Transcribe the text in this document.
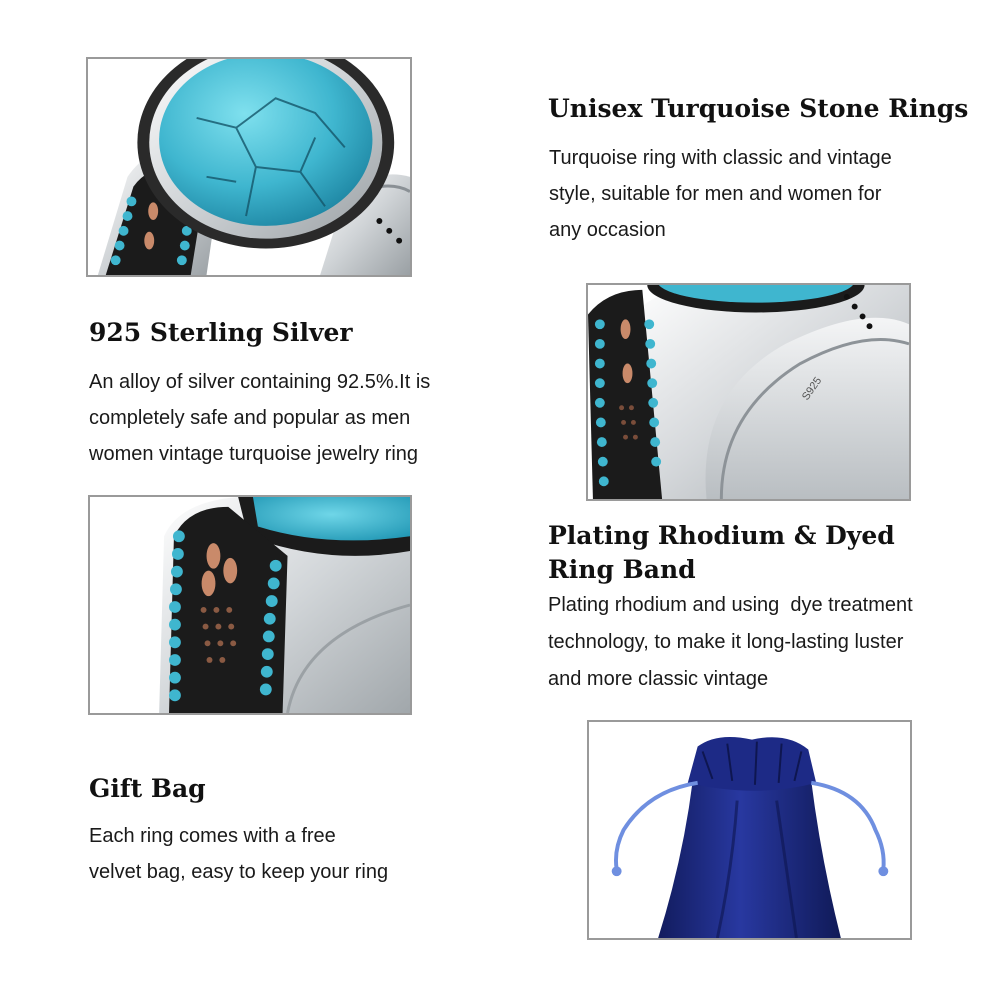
S925
Unisex Turquoise Stone Rings
Turquoise ring with classic and vintage
style, suitable for men and women for
any occasion
925 Sterling Silver
An alloy of silver containing 92.5%.It is
completely safe and popular as men
women vintage turquoise jewelry ring
Plating Rhodium & Dyed
Ring Band
Plating rhodium and using  dye treatment
technology, to make it long-lasting luster
and more classic vintage
Gift Bag
Each ring comes with a free
velvet bag, easy to keep your ring
